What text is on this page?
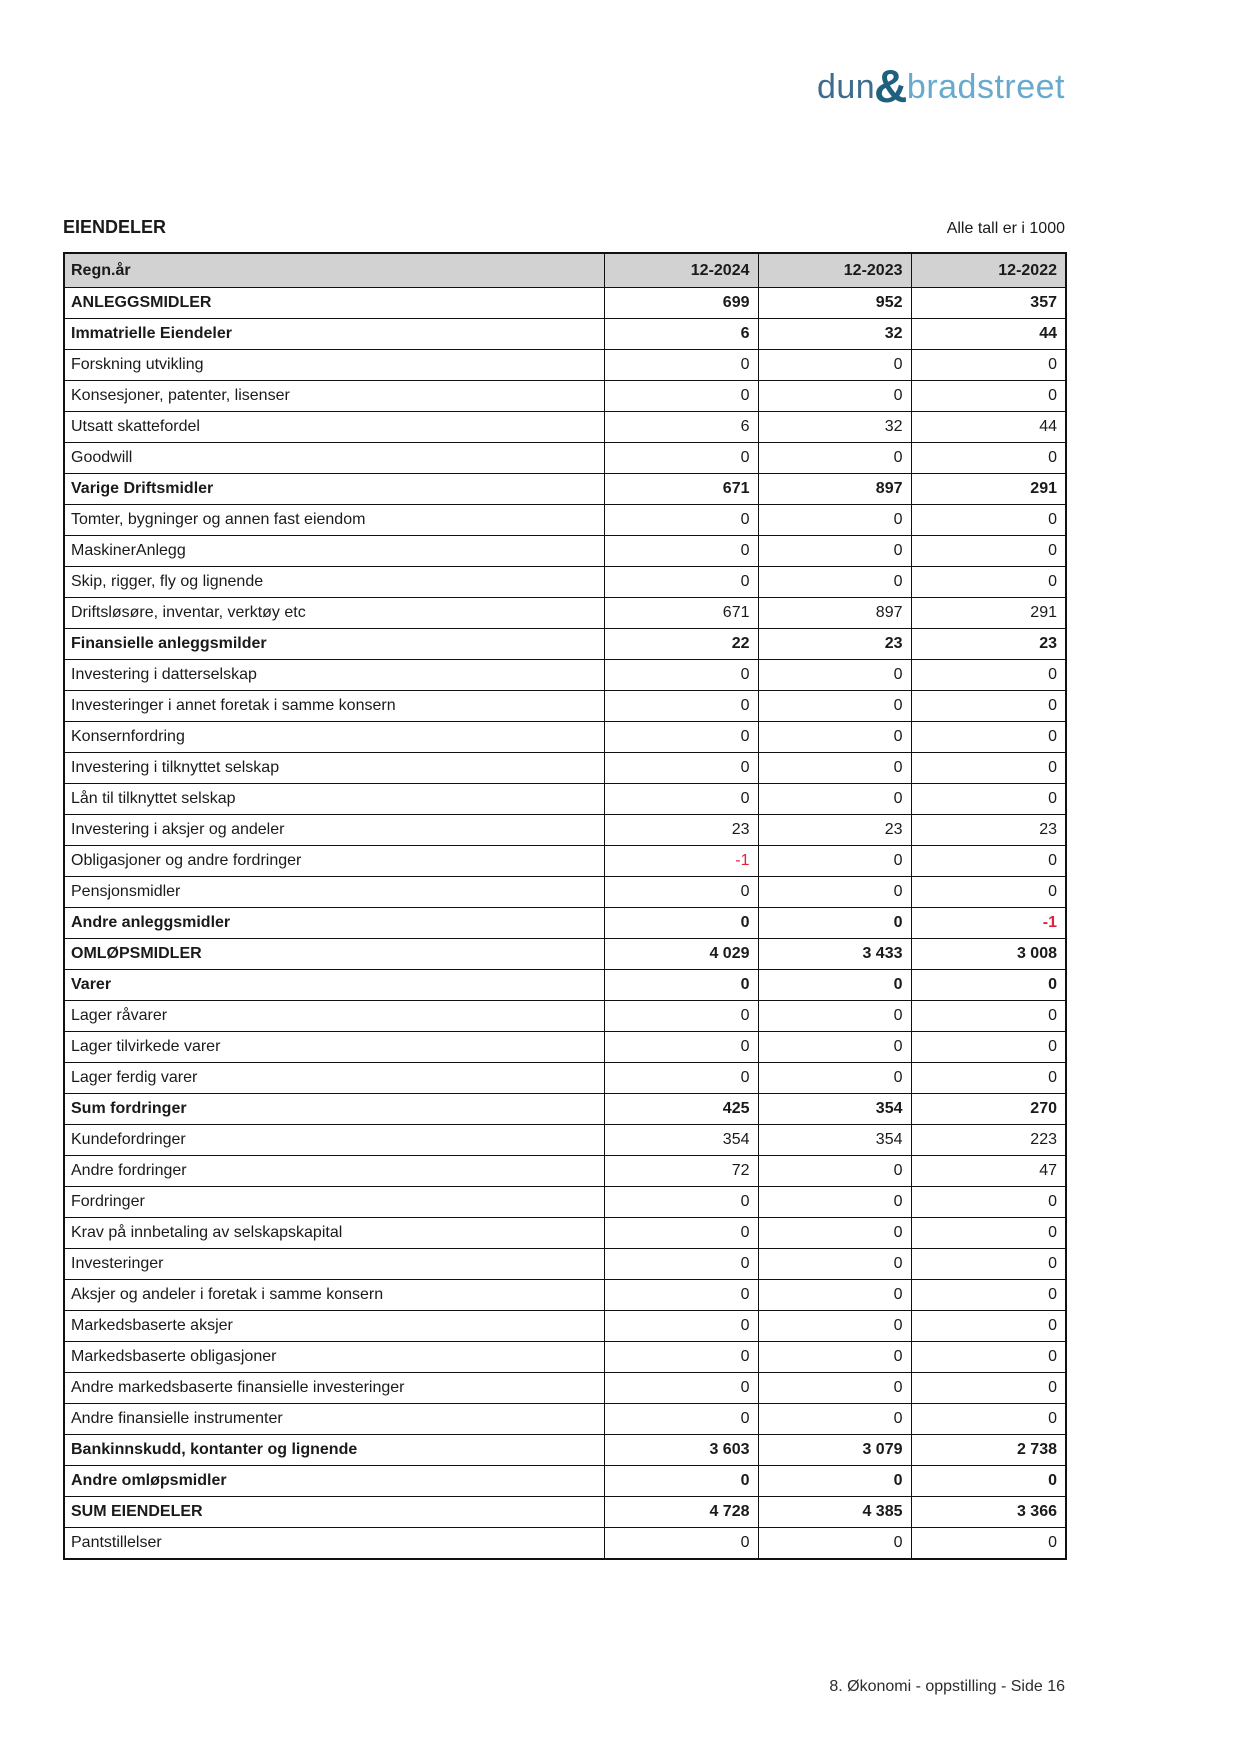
dun&bradstreet
EIENDELER	Alle tall er i 1000
Regn.år	12-2024	12-2023	12-2022
ANLEGGSMIDLER	699	952	357
Immatrielle Eiendeler	6	32	44
Forskning utvikling	0	0	0
Konsesjoner, patenter, lisenser	0	0	0
Utsatt skattefordel	6	32	44
Goodwill	0	0	0
Varige Driftsmidler	671	897	291
Tomter, bygninger og annen fast eiendom	0	0	0
MaskinerAnlegg	0	0	0
Skip, rigger, fly og lignende	0	0	0
Driftsløsøre, inventar, verktøy etc	671	897	291
Finansielle anleggsmilder	22	23	23
Investering i datterselskap	0	0	0
Investeringer i annet foretak i samme konsern	0	0	0
Konsernfordring	0	0	0
Investering i tilknyttet selskap	0	0	0
Lån til tilknyttet selskap	0	0	0
Investering i aksjer og andeler	23	23	23
Obligasjoner og andre fordringer	-1	0	0
Pensjonsmidler	0	0	0
Andre anleggsmidler	0	0	-1
OMLØPSMIDLER	4 029	3 433	3 008
Varer	0	0	0
Lager råvarer	0	0	0
Lager tilvirkede varer	0	0	0
Lager ferdig varer	0	0	0
Sum fordringer	425	354	270
Kundefordringer	354	354	223
Andre fordringer	72	0	47
Fordringer	0	0	0
Krav på innbetaling av selskapskapital	0	0	0
Investeringer	0	0	0
Aksjer og andeler i foretak i samme konsern	0	0	0
Markedsbaserte aksjer	0	0	0
Markedsbaserte obligasjoner	0	0	0
Andre markedsbaserte finansielle investeringer	0	0	0
Andre finansielle instrumenter	0	0	0
Bankinnskudd, kontanter og lignende	3 603	3 079	2 738
Andre omløpsmidler	0	0	0
SUM EIENDELER	4 728	4 385	3 366
Pantstillelser	0	0	0
8. Økonomi - oppstilling - Side 16
